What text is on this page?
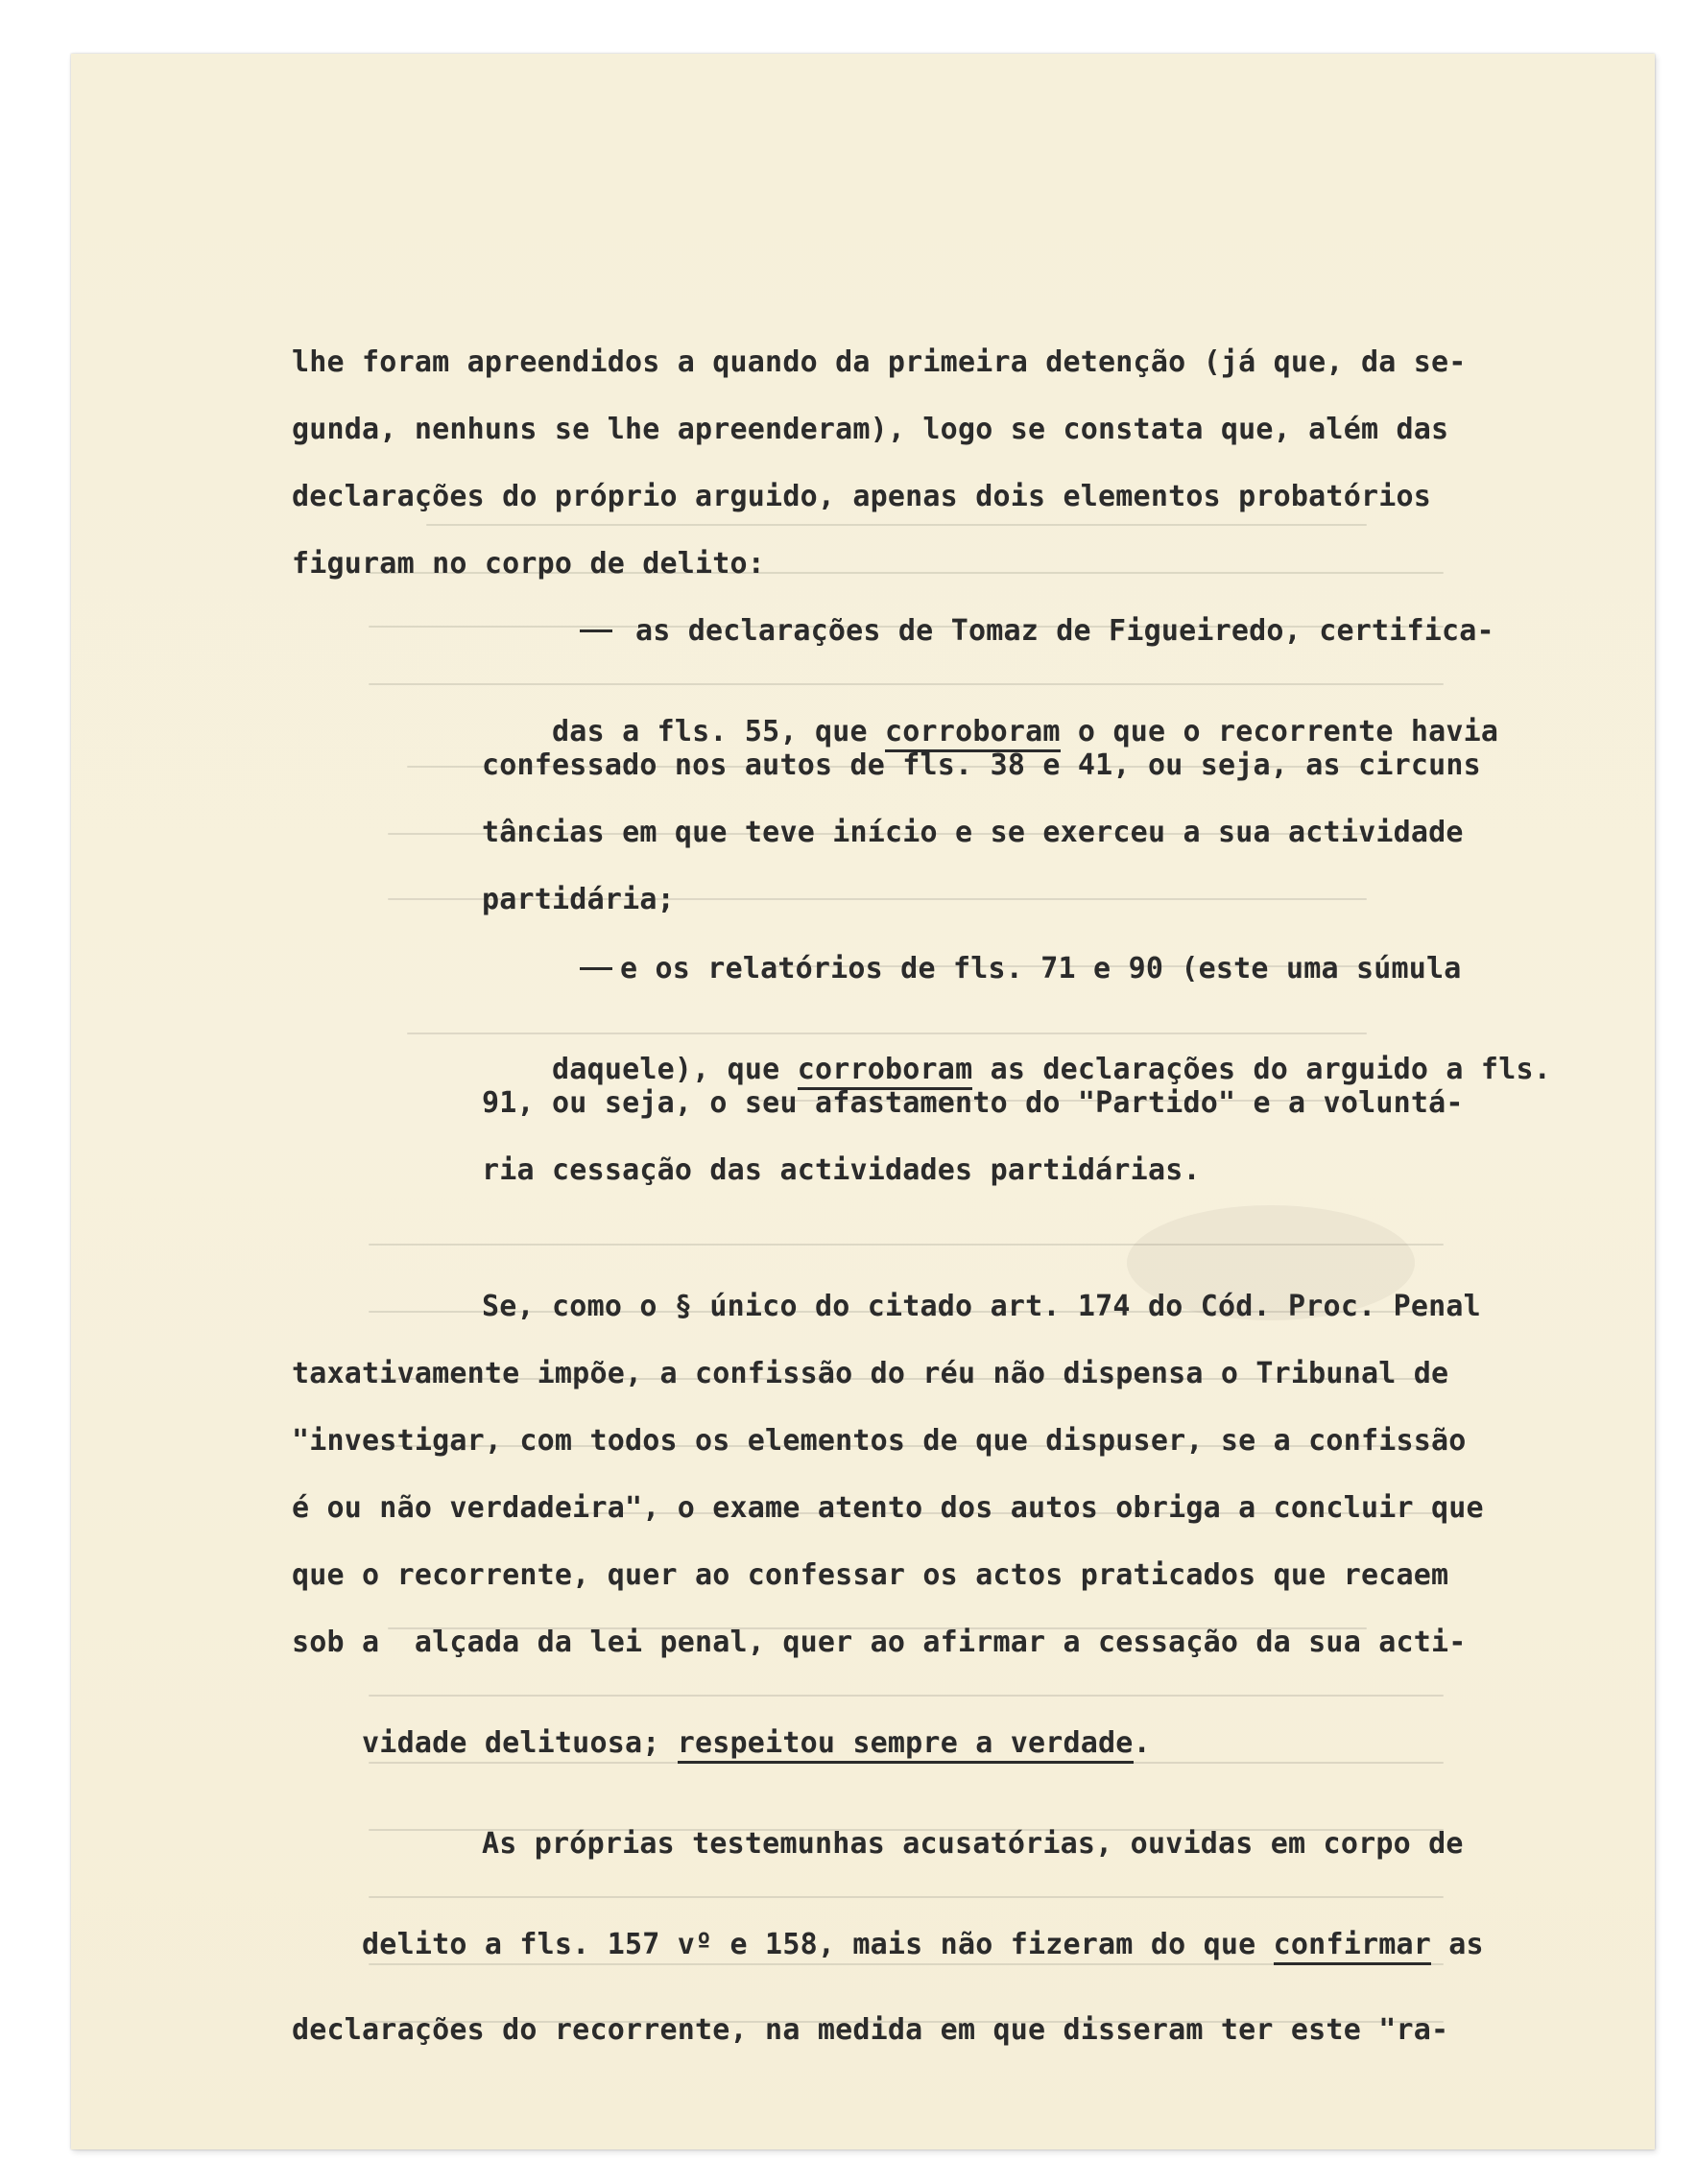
lhe foram apreendidos a quando da primeira detenção (já que, da se-
gunda, nenhuns se lhe apreenderam), logo se constata que, além das
declarações do próprio arguido, apenas dois elementos probatórios
figuram no corpo de delito:
as declarações de Tomaz de Figueiredo, certifica-

das a fls. 55, que corroboram o que o recorrente havia

confessado nos autos de fls. 38 e 41, ou seja, as circuns
tâncias em que teve início e se exerceu a sua actividade
partidária;
e os relatórios de fls. 71 e 90 (este uma súmula

daquele), que corroboram as declarações do arguido a fls.

91, ou seja, o seu afastamento do "Partido" e a voluntá-
ria cessação das actividades partidárias.
Se, como o § único do citado art. 174 do Cód. Proc. Penal
taxativamente impõe, a confissão do réu não dispensa o Tribunal de
"investigar, com todos os elementos de que dispuser, se a confissão
é ou não verdadeira", o exame atento dos autos obriga a concluir que
que o recorrente, quer ao confessar os actos praticados que recaem
sob a  alçada da lei penal, quer ao afirmar a cessação da sua acti-

vidade delituosa; respeitou sempre a verdade.

As próprias testemunhas acusatórias, ouvidas em corpo de

delito a fls. 157 vº e 158, mais não fizeram do que confirmar as

declarações do recorrente, na medida em que disseram ter este "ra-
